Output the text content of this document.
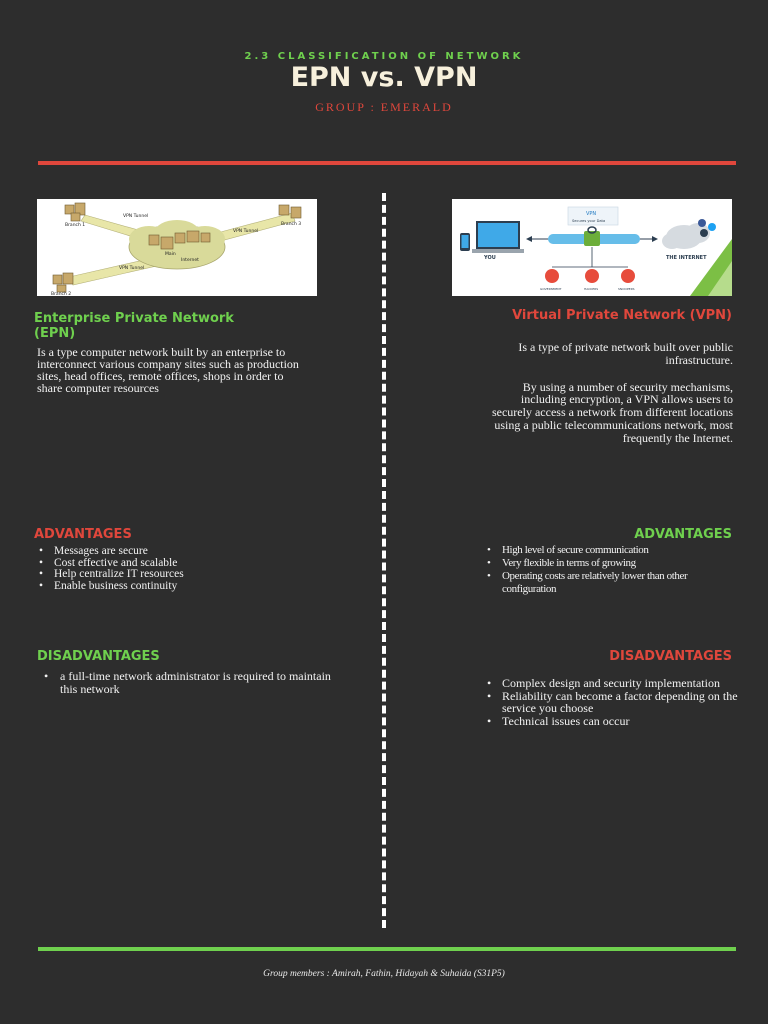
2.3 CLASSIFICATION OF NETWORK
EPN vs. VPN
GROUP : EMERALD
VPN Tunnel
VPN Tunnel
VPN Tunnel
Branch 1
Branch 2
Branch 3
Main
Internet
VPN
Secures your Data
YOU	THE INTERNET
GOVERNMENT	HACKERS	SNOOPERS
Enterprise Private Network (EPN)
Is a type computer network built by an enterprise to interconnect various company sites such as production sites, head offices, remote offices, shops in order to share computer resources
ADVANTAGES
• Messages are secure
• Cost effective and scalable
• Help centralize IT resources
• Enable business continuity
DISADVANTAGES
• a full-time network administrator is required to maintain this network
Virtual Private Network (VPN)

Is a type of private network built over public infrastructure.

By using a number of security mechanisms, including encryption, a VPN allows users to securely access a network from different locations using a public telecommunications network, most frequently the Internet.

ADVANTAGES
• High level of secure communication
• Very flexible in terms of growing
• Operating costs are relatively lower than other configuration
DISADVANTAGES
• Complex design and security implementation
• Reliability can become a factor depending on the service you choose
• Technical issues can occur
Group members : Amirah, Fathin, Hidayah & Suhaida (S31P5)
